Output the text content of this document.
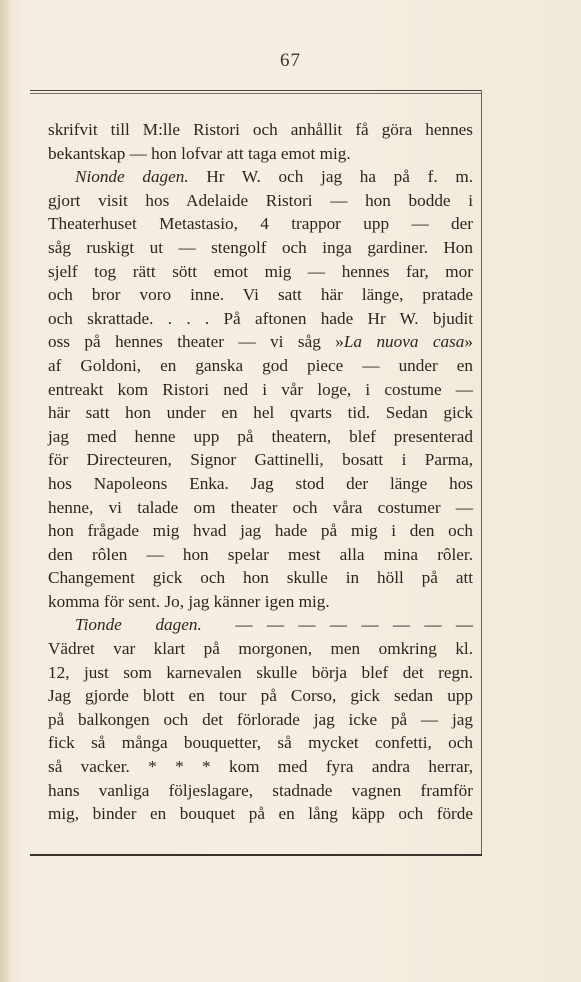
67
skrifvit till M:lle Ristori och anhållit få göra hennes
bekantskap — hon lofvar att taga emot mig.
Nionde dagen. Hr W. och jag ha på f. m.
gjort visit hos Adelaide Ristori — hon bodde i
Theaterhuset Metastasio, 4 trappor upp — der
såg ruskigt ut — stengolf och inga gardiner. Hon
sjelf tog rätt sött emot mig — hennes far, mor
och bror voro inne. Vi satt här länge, pratade
och skrattade. . . . På aftonen hade Hr W. bjudit
oss på hennes theater — vi såg »La nuova casa»
af Goldoni, en ganska god piece — under en
entreakt kom Ristori ned i vår loge, i costume —
här satt hon under en hel qvarts tid. Sedan gick
jag med henne upp på theatern, blef presenterad
för Directeuren, Signor Gattinelli, bosatt i Parma,
hos Napoleons Enka. Jag stod der länge hos
henne, vi talade om theater och våra costumer —
hon frågade mig hvad jag hade på mig i den och
den rôlen — hon spelar mest alla mina rôler.
Changement gick och hon skulle in höll på att
komma för sent. Jo, jag känner igen mig.
Tionde dagen. — — — — — — — —
Vädret var klart på morgonen, men omkring kl.
12, just som karnevalen skulle börja blef det regn.
Jag gjorde blott en tour på Corso, gick sedan upp
på balkongen och det förlorade jag icke på — jag
fick så många bouquetter, så mycket confetti, och
så vacker. * * * kom med fyra andra herrar,
hans vanliga följeslagare, stadnade vagnen framför
mig, binder en bouquet på en lång käpp och förde
